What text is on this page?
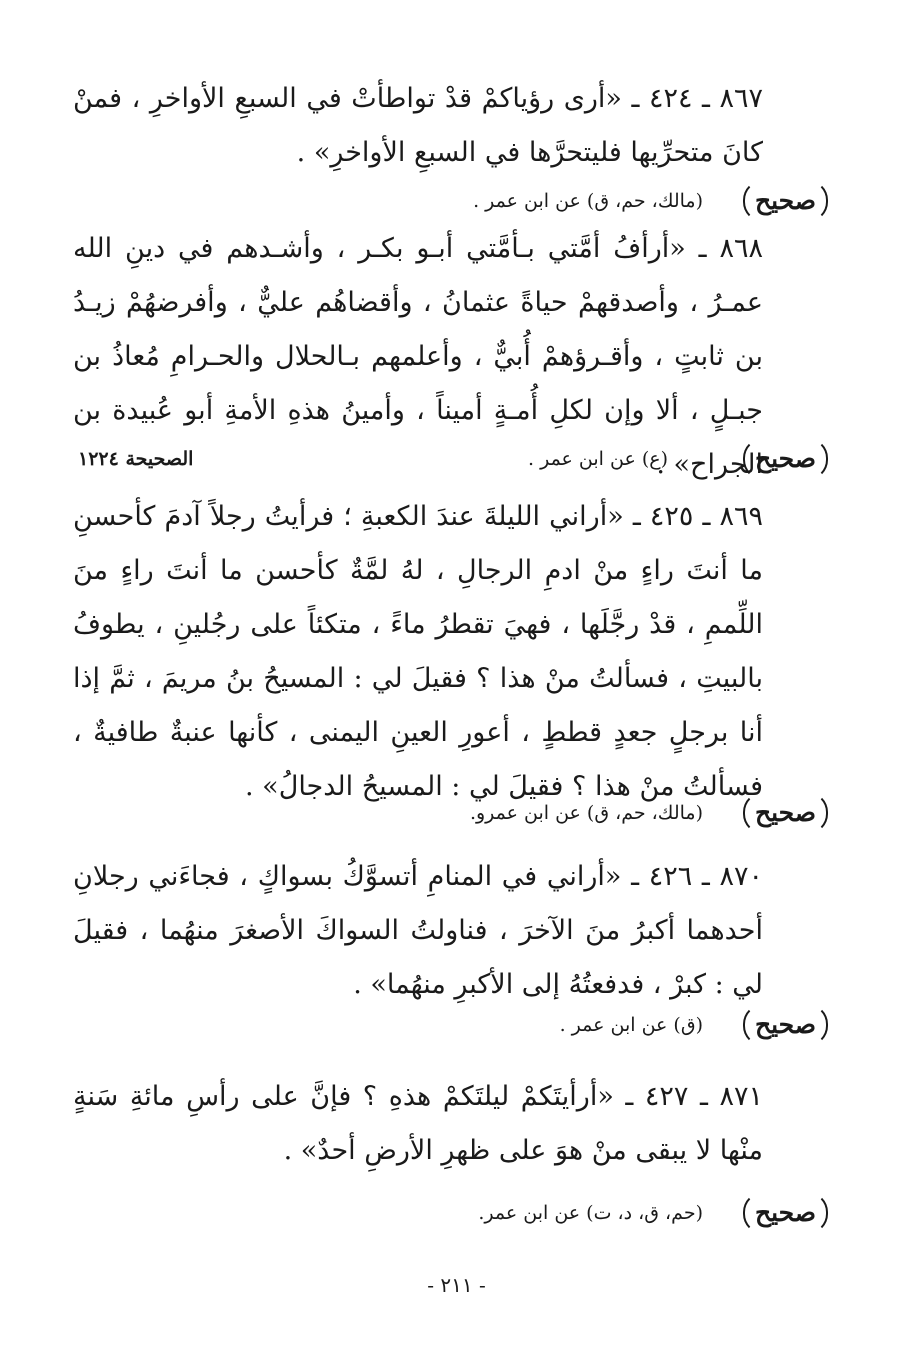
٨٦٧ ـ ٤٢٤ ـ «أرى رؤياكمْ قدْ تواطأتْ في السبعِ الأواخرِ ، فمنْ كانَ متحرِّيها فليتحرَّها في السبعِ الأواخرِ» .

صحيح
(مالك، حم، ق) عن ابن عمر .

٨٦٨ ـ «أرأفُ أمَّتي بـأمَّتي أبـو بكـر ، وأشـدهم في دينِ الله عمـرُ ، وأصدقهمْ حياةً عثمانُ ، وأقضاهُم عليٌّ ، وأفرضهُمْ زيـدُ بن ثابتٍ ، وأقـرؤهمْ أُبيٌّ ، وأعلمهم بـالحلال والحـرامِ مُعاذُ بن جبـلٍ ، ألا وإن لكلِ أُمـةٍ أميناً ، وأمينُ هذهِ الأمةِ أبو عُبيدة بن الجراح» .

صحيح
(ع) عن ابن عمر .
الصحيحة ١٢٢٤

٨٦٩ ـ ٤٢٥ ـ «أراني الليلةَ عندَ الكعبةِ ؛ فرأيتُ رجلاً آدمَ كأحسنِ ما أنتَ راءٍ منْ ادمِ الرجالِ ، لهُ لمَّةٌ كأحسن ما أنتَ راءٍ منَ اللِّممِ ، قدْ رجَّلَها ، فهيَ تقطرُ ماءً ، متكئاً على رجُلينِ ، يطوفُ بالبيتِ ، فسألتُ منْ هذا ؟ فقيلَ لي : المسيحُ بنُ مريمَ ، ثمَّ إذا أنا برجلٍ جعدٍ قططٍ ، أعورِ العينِ اليمنى ، كأنها عنبةٌ طافيةٌ ، فسألتُ منْ هذا ؟ فقيلَ لي : المسيحُ الدجالُ» .

صحيح
(مالك، حم، ق) عن ابن عمرو.

٨٧٠ ـ ٤٢٦ ـ «أراني في المنامِ أتسوَّكُ بسواكٍ ، فجاءَني رجلانِ أحدهما أكبرُ منَ الآخرَ ، فناولتُ السواكَ الأصغرَ منهُما ، فقيلَ لي : كبرْ ، فدفعتُهُ إلى الأكبرِ منهُما» .

صحيح
(ق) عن ابن عمر .

٨٧١ ـ ٤٢٧ ـ «أرأيتَكمْ ليلتَكمْ هذهِ ؟ فإنَّ على رأسِ مائةِ سَنةٍ منْها لا يبقى منْ هوَ على ظهرِ الأرضِ أحدٌ» .

صحيح
(حم، ق، د، ت) عن ابن عمر.
- ٢١١ -
